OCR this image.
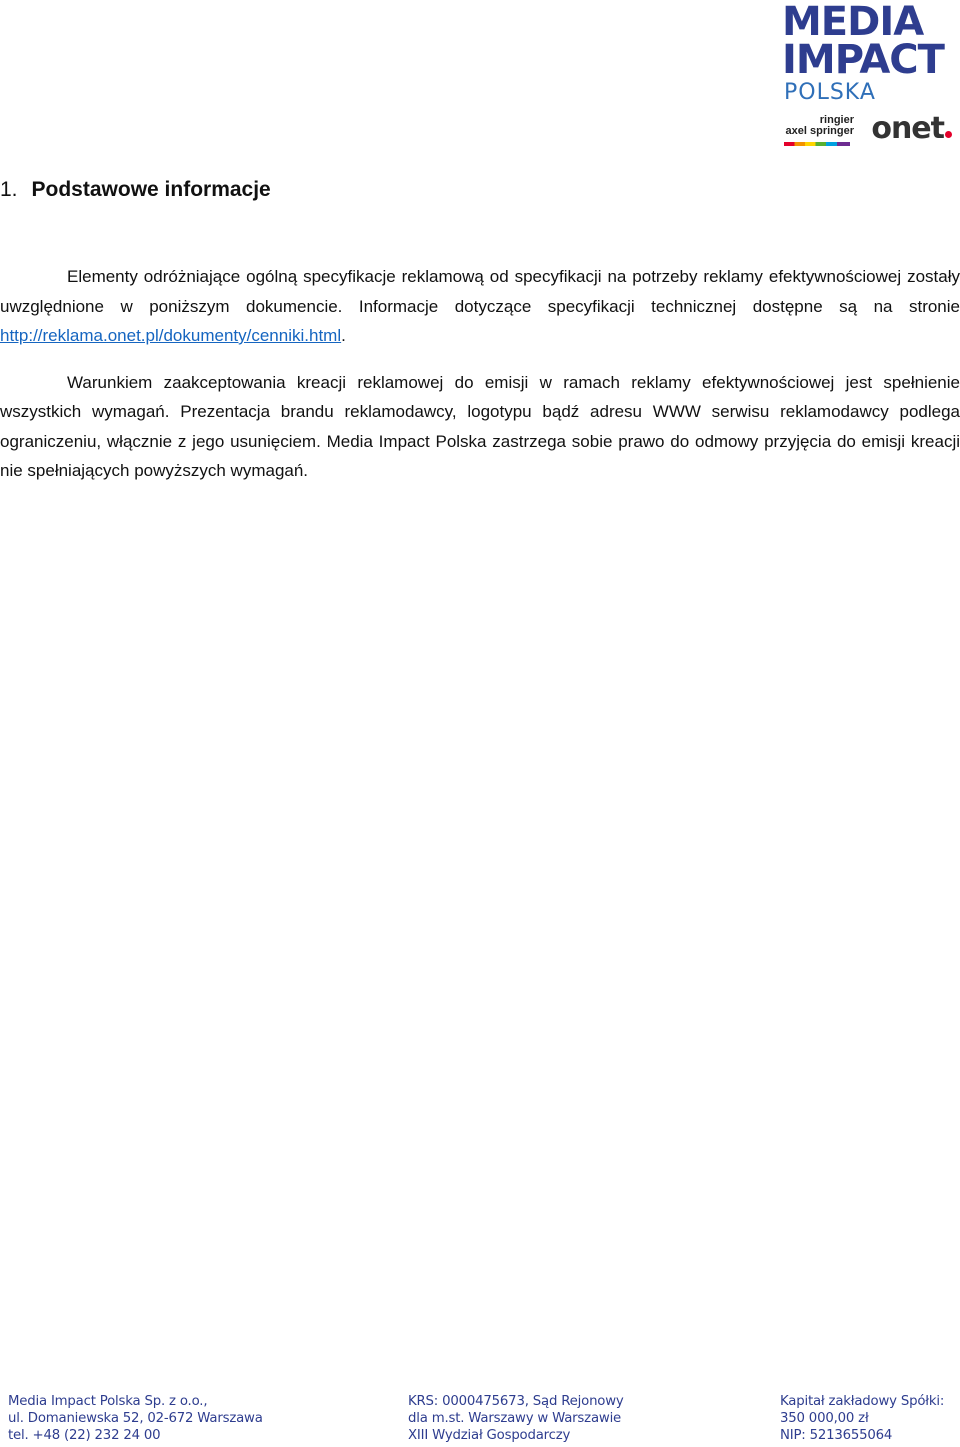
MEDIA
IMPACT
POLSKA
ringier
axel springer onet
1. Podstawowe informacje

Elementy odróżniające ogólną specyfikacje reklamową od specyfikacji na potrzeby reklamy efektywnościowej zostały uwzględnione w poniższym dokumencie. Informacje dotyczące specyfikacji technicznej dostępne są na stronie http://reklama.onet.pl/dokumenty/cenniki.html.

Warunkiem zaakceptowania kreacji reklamowej do emisji w ramach reklamy efektywnościowej jest spełnienie wszystkich wymagań. Prezentacja brandu reklamodawcy, logotypu bądź adresu WWW serwisu reklamodawcy podlega ograniczeniu, włącznie z jego usunięciem. Media Impact Polska zastrzega sobie prawo do odmowy przyjęcia do emisji kreacji nie spełniających powyższych wymagań.

Media Impact Polska Sp. z o.o.,
ul. Domaniewska 52, 02-672 Warszawa
tel. +48 (22) 232 24 00
KRS: 0000475673, Sąd Rejonowy
dla m.st. Warszawy w Warszawie
XIII Wydział Gospodarczy
Kapitał zakładowy Spółki:
350 000,00 zł
NIP: 5213655064
